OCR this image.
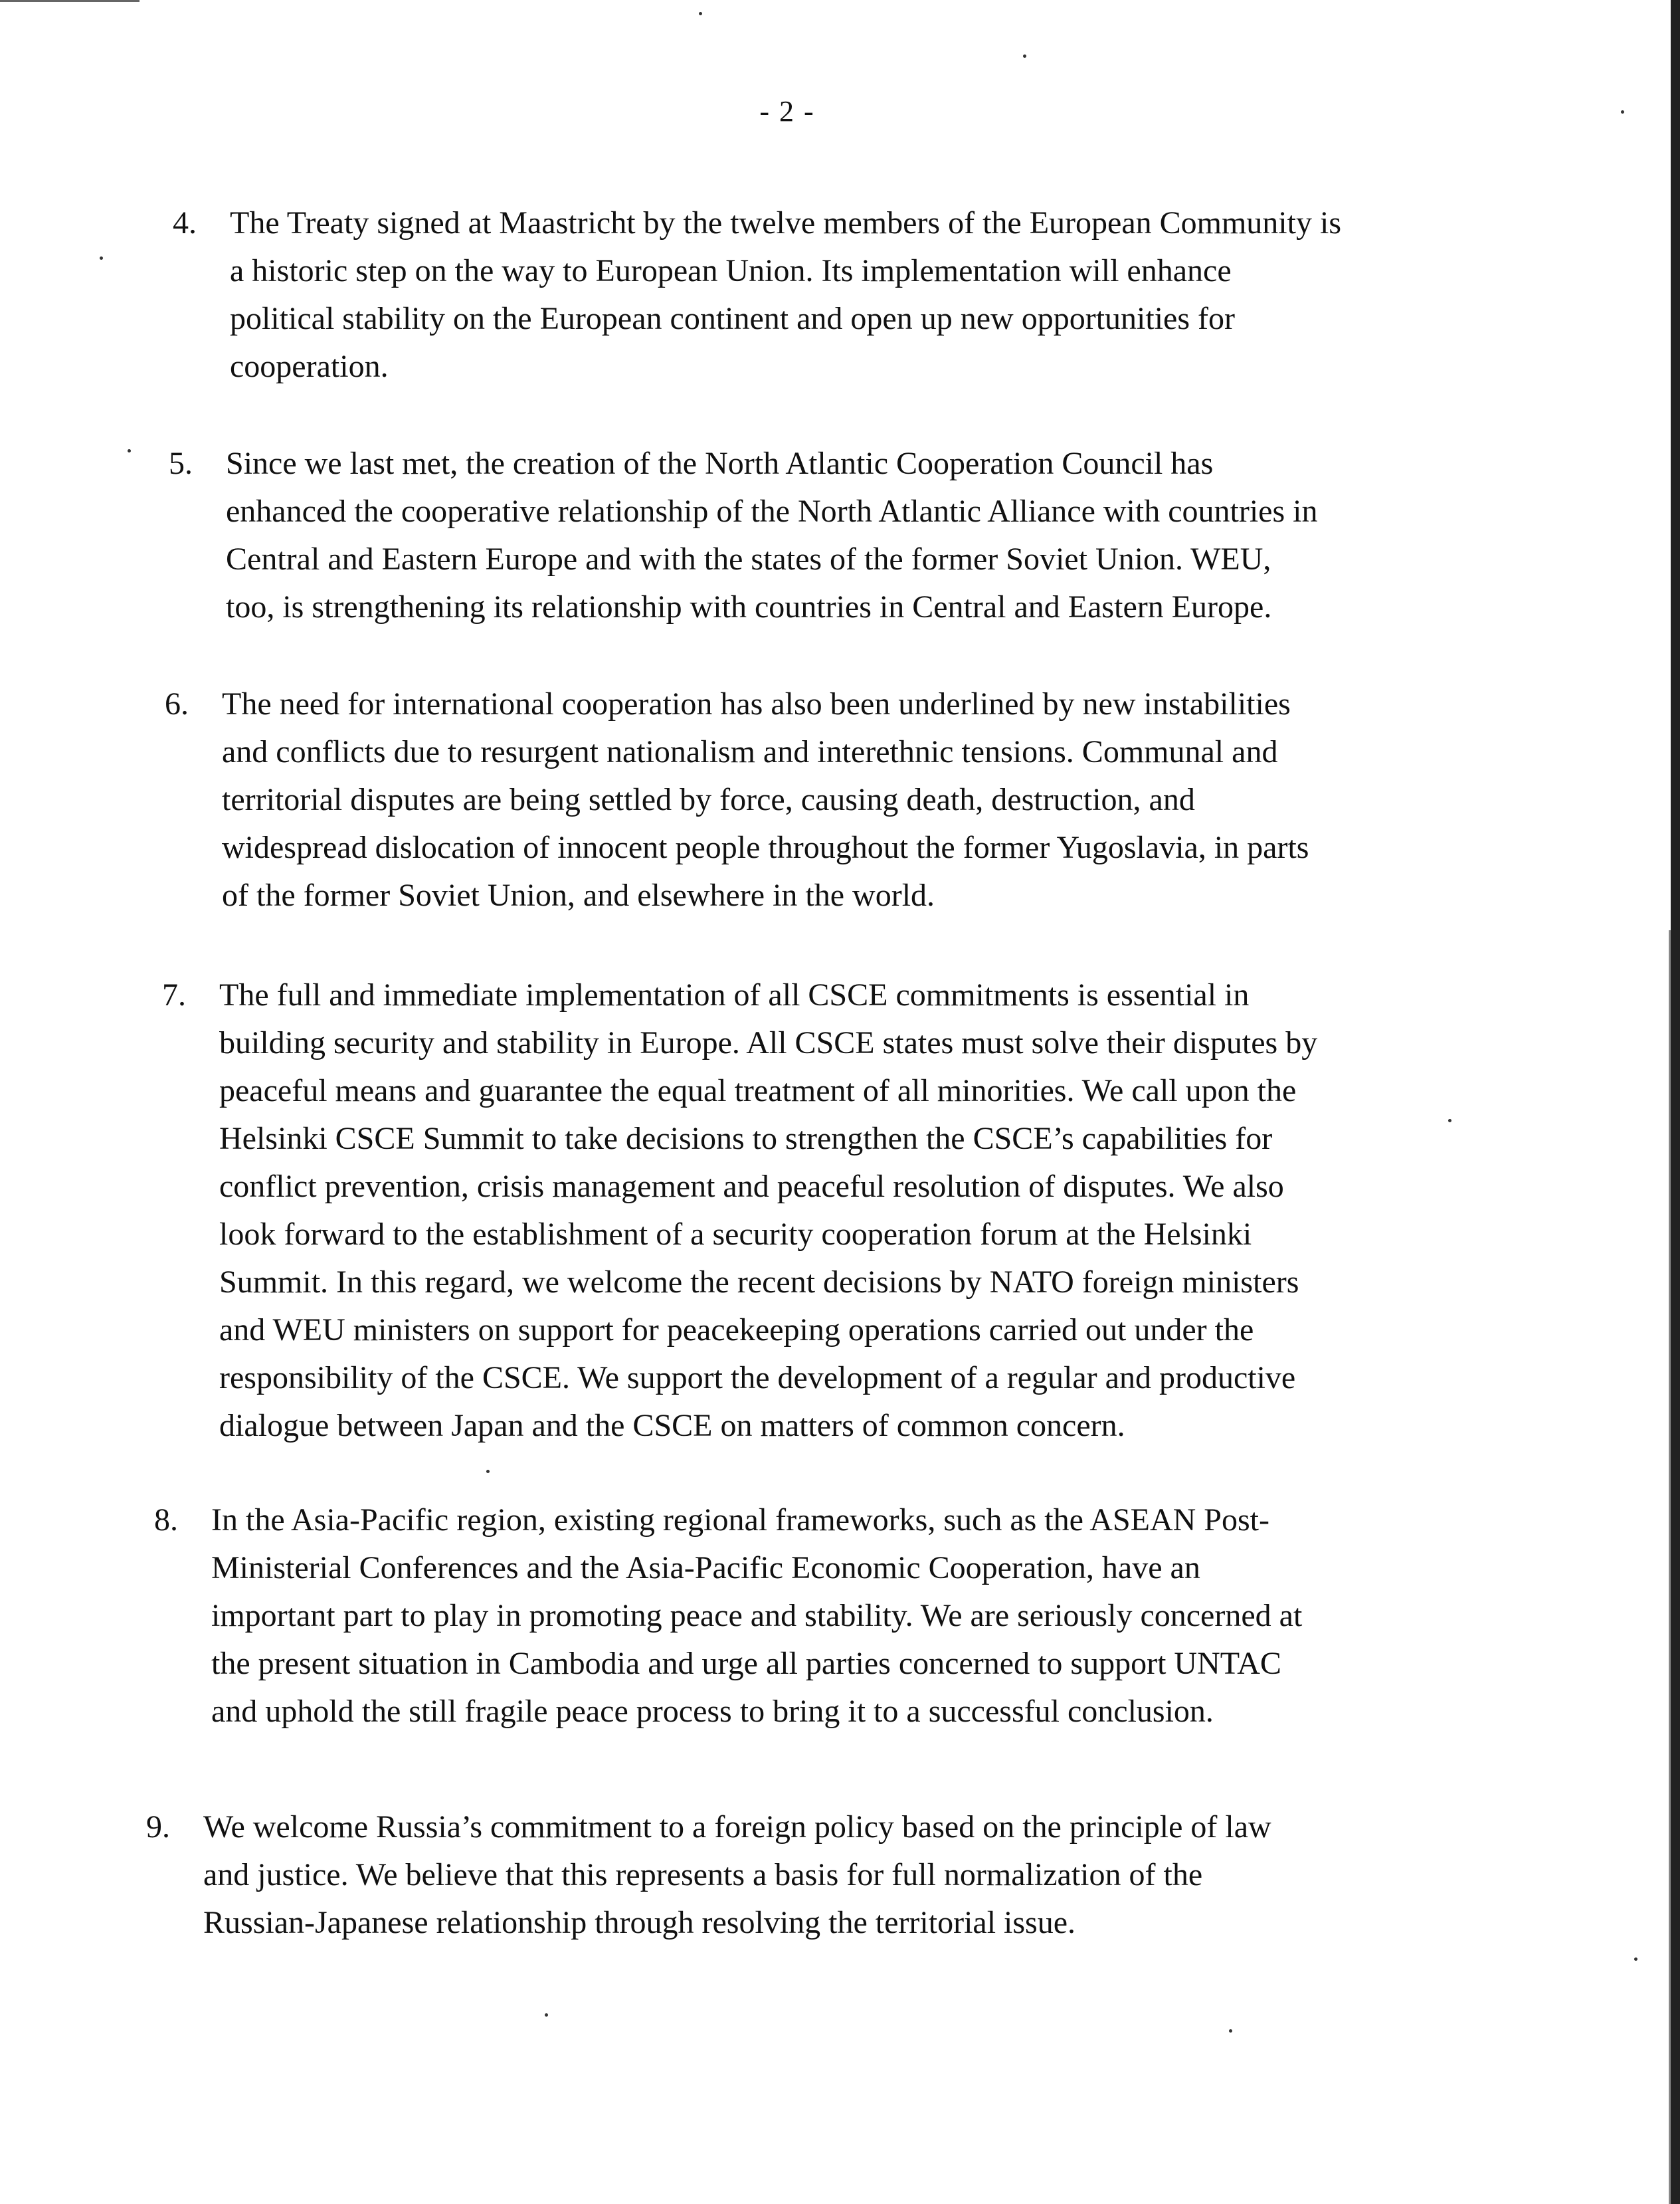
- 2 -
4. The Treaty signed at Maastricht by the twelve members of the European Community is
a historic step on the way to European Union. Its implementation will enhance
political stability on the European continent and open up new opportunities for
cooperation.
5. Since we last met, the creation of the North Atlantic Cooperation Council has
enhanced the cooperative relationship of the North Atlantic Alliance with countries in
Central and Eastern Europe and with the states of the former Soviet Union. WEU,
too, is strengthening its relationship with countries in Central and Eastern Europe.
6. The need for international cooperation has also been underlined by new instabilities
and conflicts due to resurgent nationalism and interethnic tensions. Communal and
territorial disputes are being settled by force, causing death, destruction, and
widespread dislocation of innocent people throughout the former Yugoslavia, in parts
of the former Soviet Union, and elsewhere in the world.
7. The full and immediate implementation of all CSCE commitments is essential in
building security and stability in Europe. All CSCE states must solve their disputes by
peaceful means and guarantee the equal treatment of all minorities. We call upon the
Helsinki CSCE Summit to take decisions to strengthen the CSCE’s capabilities for
conflict prevention, crisis management and peaceful resolution of disputes. We also
look forward to the establishment of a security cooperation forum at the Helsinki
Summit. In this regard, we welcome the recent decisions by NATO foreign ministers
and WEU ministers on support for peacekeeping operations carried out under the
responsibility of the CSCE. We support the development of a regular and productive
dialogue between Japan and the CSCE on matters of common concern.
8. In the Asia-Pacific region, existing regional frameworks, such as the ASEAN Post-
Ministerial Conferences and the Asia-Pacific Economic Cooperation, have an
important part to play in promoting peace and stability. We are seriously concerned at
the present situation in Cambodia and urge all parties concerned to support UNTAC
and uphold the still fragile peace process to bring it to a successful conclusion.
9. We welcome Russia’s commitment to a foreign policy based on the principle of law
and justice. We believe that this represents a basis for full normalization of the
Russian-Japanese relationship through resolving the territorial issue.
